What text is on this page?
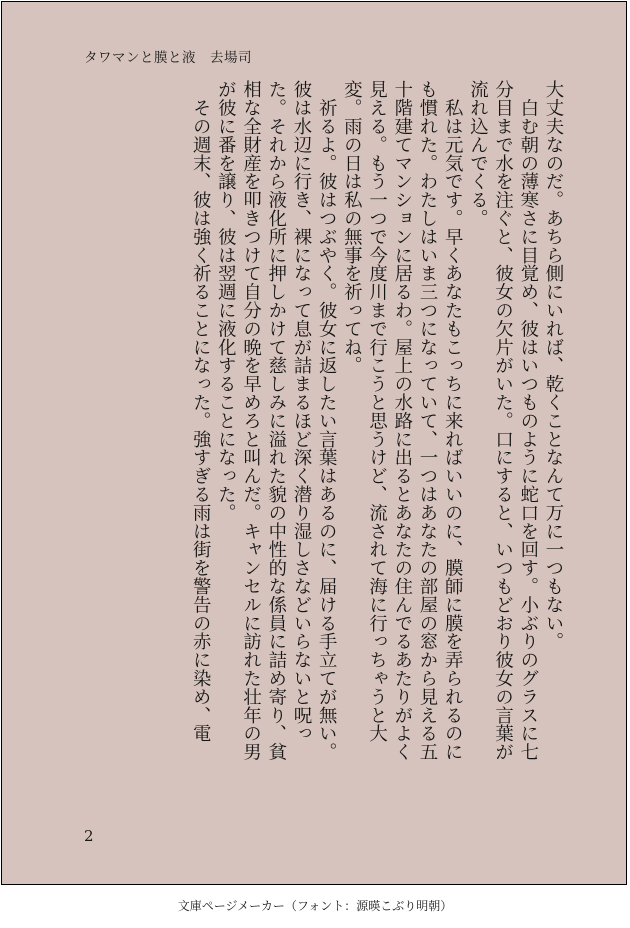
タワマンと膜と液　去場司

大丈夫なのだ。あちら側にいれば、乾くことなんて万に一つもない。

　白む朝の薄寒さに目覚め、彼はいつものように蛇口を回す。小ぶりのグラスに七分目まで水を注ぐと、彼女の欠片がいた。口にすると、いつもどおり彼女の言葉が流れ込んでくる。

　私は元気です。早くあなたもこっちに来ればいいのに、膜師に膜を弄られるのにも慣れた。わたしはいま三つになっていて、一つはあなたの部屋の窓から見える五十階建てマンションに居るわ。屋上の水路に出るとあなたの住んでるあたりがよく見える。もう一つで今度川まで行こうと思うけど、流されて海に行っちゃうと大変。雨の日は私の無事を祈ってね。

　祈るよ。彼はつぶやく。彼女に返したい言葉はあるのに、届ける手立てが無い。彼は水辺に行き、裸になって息が詰まるほど深く潜り湿しさなどいらないと呪った。それから液化所に押しかけて慈しみに溢れた貌の中性的な係員に詰め寄り、貧相な全財産を叩きつけて自分の晩を早めろと叫んだ。キャンセルに訪れた壮年の男が彼に番を譲り、彼は翌週に液化することになった。

　その週末、彼は強く祈ることになった。強すぎる雨は街を警告の赤に染め、電

2
文庫ページメーカー（フォント：源暎こぶり明朝）
